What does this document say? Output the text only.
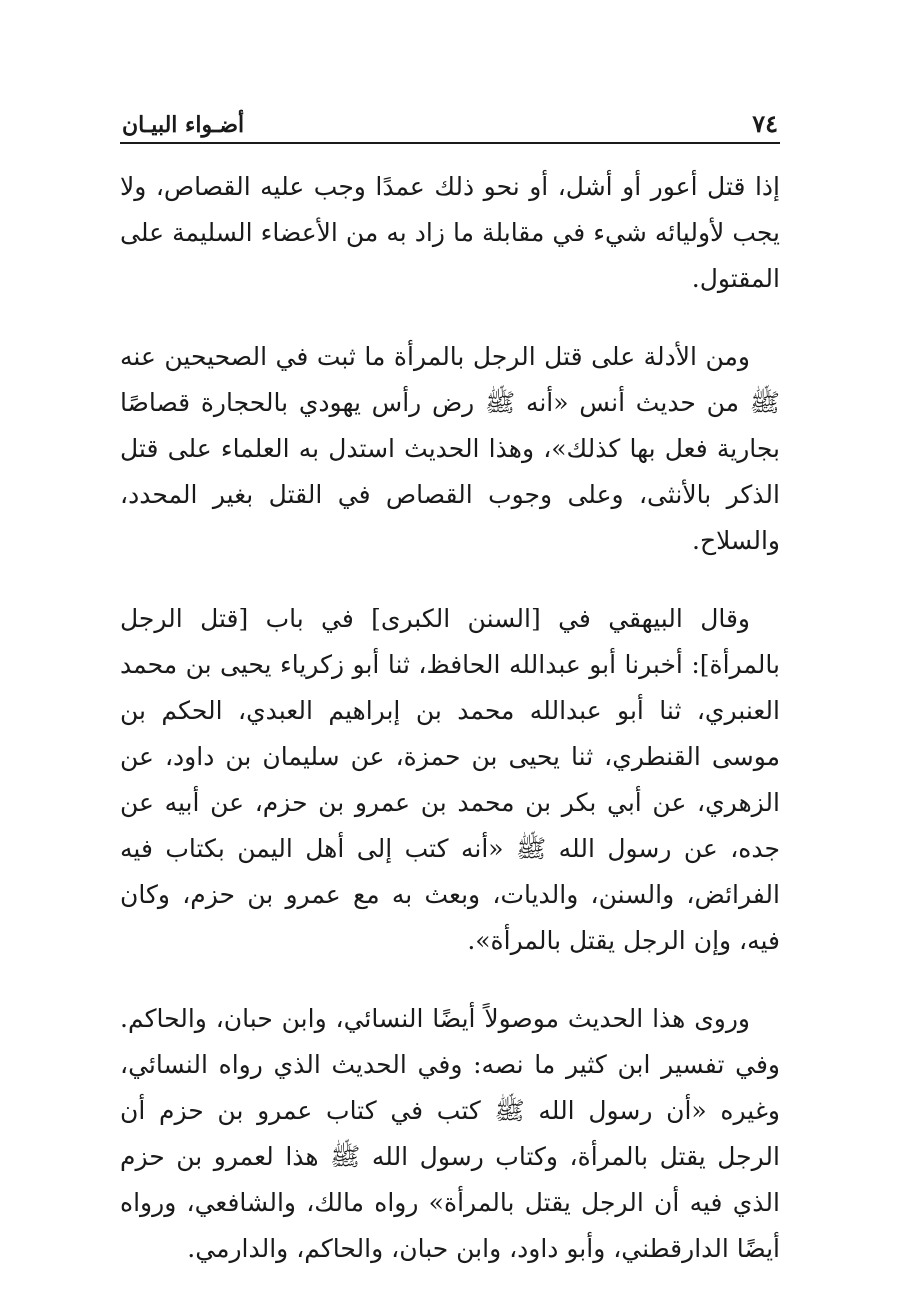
٧٤
أضـواء البيـان

إذا قتل أعور أو أشل، أو نحو ذلك عمدًا وجب عليه القصاص، ولا يجب لأوليائه شيء في مقابلة ما زاد به من الأعضاء السليمة على المقتول.

ومن الأدلة على قتل الرجل بالمرأة ما ثبت في الصحيحين عنه ﷺ من حديث أنس «أنه ﷺ رض رأس يهودي بالحجارة قصاصًا بجارية فعل بها كذلك»، وهذا الحديث استدل به العلماء على قتل الذكر بالأنثى، وعلى وجوب القصاص في القتل بغير المحدد، والسلاح.

وقال البيهقي في [السنن الكبرى] في باب [قتل الرجل بالمرأة]: أخبرنا أبو عبدالله الحافظ، ثنا أبو زكرياء يحيى بن محمد العنبري، ثنا أبو عبدالله محمد بن إبراهيم العبدي، الحكم بن موسى القنطري، ثنا يحيى بن حمزة، عن سليمان بن داود، عن الزهري، عن أبي بكر بن محمد بن عمرو بن حزم، عن أبيه عن جده، عن رسول الله ﷺ «أنه كتب إلى أهل اليمن بكتاب فيه الفرائض، والسنن، والديات، وبعث به مع عمرو بن حزم، وكان فيه، وإن الرجل يقتل بالمرأة».

وروى هذا الحديث موصولاً أيضًا النسائي، وابن حبان، والحاكم. وفي تفسير ابن كثير ما نصه: وفي الحديث الذي رواه النسائي، وغيره «أن رسول الله ﷺ كتب في كتاب عمرو بن حزم أن الرجل يقتل بالمرأة، وكتاب رسول الله ﷺ هذا لعمرو بن حزم الذي فيه أن الرجل يقتل بالمرأة» رواه مالك، والشافعي، ورواه أيضًا الدارقطني، وأبو داود، وابن حبان، والحاكم، والدارمي.
